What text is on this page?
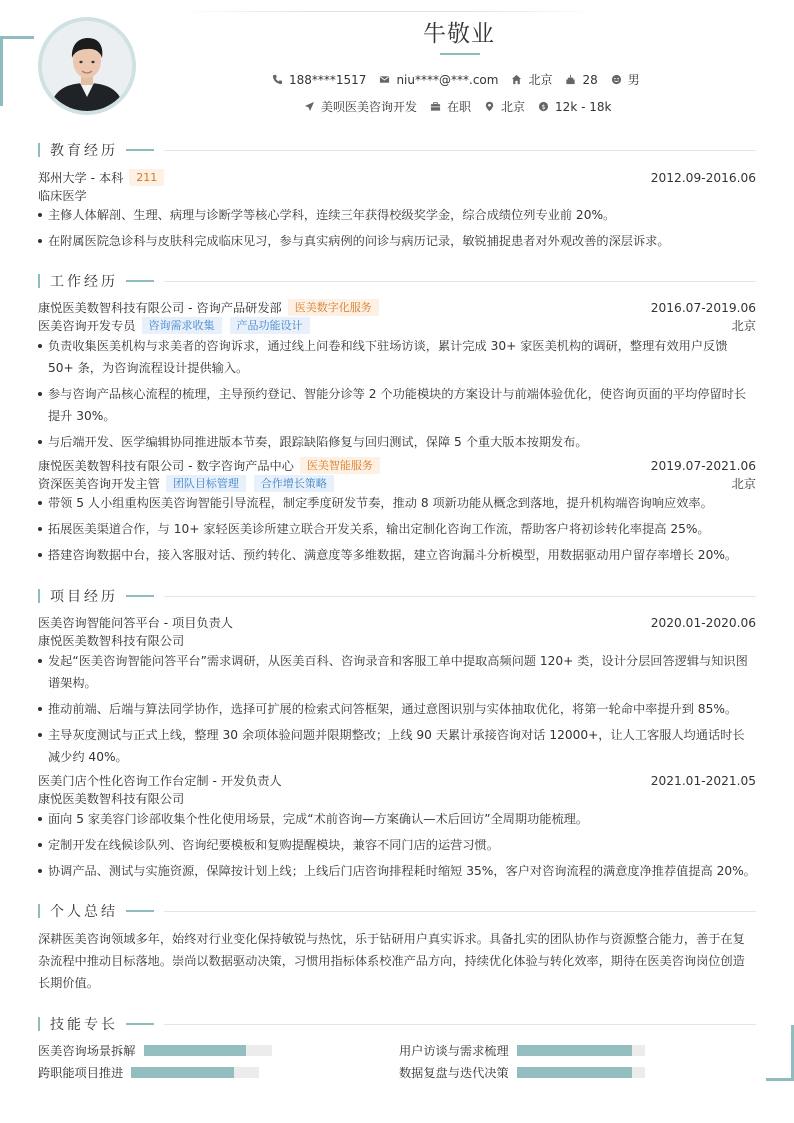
牛敬业
188****1517	niu****@***.com	北京	28	男
美呗医美咨询开发	在职	北京 $ 12k - 18k
教育经历
郑州大学 - 本科	211	2012.09-2016.06
临床医学
主修人体解剖、生理、病理与诊断学等核心学科，连续三年获得校级奖学金，综合成绩位列专业前 20%。
在附属医院急诊科与皮肤科完成临床见习，参与真实病例的问诊与病历记录，敏锐捕捉患者对外观改善的深层诉求。
工作经历
康悦医美数智科技有限公司 - 咨询产品研发部	医美数字化服务	2016.07-2019.06
医美咨询开发专员	咨询需求收集	产品功能设计	北京
负责收集医美机构与求美者的咨询诉求，通过线上问卷和线下驻场访谈，累计完成 30+ 家医美机构的调研，整理有效用户反馈 50+ 条，为咨询流程设计提供输入。
参与咨询产品核心流程的梳理，主导预约登记、智能分诊等 2 个功能模块的方案设计与前端体验优化，使咨询页面的平均停留时长提升 30%。
与后端开发、医学编辑协同推进版本节奏，跟踪缺陷修复与回归测试，保障 5 个重大版本按期发布。
康悦医美数智科技有限公司 - 数字咨询产品中心	医美智能服务	2019.07-2021.06
资深医美咨询开发主管	团队目标管理	合作增长策略	北京
带领 5 人小组重构医美咨询智能引导流程，制定季度研发节奏，推动 8 项新功能从概念到落地，提升机构端咨询响应效率。
拓展医美渠道合作，与 10+ 家轻医美诊所建立联合开发关系，输出定制化咨询工作流，帮助客户将初诊转化率提高 25%。
搭建咨询数据中台，接入客服对话、预约转化、满意度等多维数据，建立咨询漏斗分析模型，用数据驱动用户留存率增长 20%。
项目经历
医美咨询智能问答平台 - 项目负责人	2020.01-2020.06
康悦医美数智科技有限公司
发起“医美咨询智能问答平台”需求调研，从医美百科、咨询录音和客服工单中提取高频问题 120+ 类，设计分层回答逻辑与知识图谱架构。
推动前端、后端与算法同学协作，选择可扩展的检索式问答框架，通过意图识别与实体抽取优化，将第一轮命中率提升到 85%。
主导灰度测试与正式上线，整理 30 余项体验问题并限期整改；上线 90 天累计承接咨询对话 12000+，让人工客服人均通话时长减少约 40%。
医美门店个性化咨询工作台定制 - 开发负责人	2021.01-2021.05
康悦医美数智科技有限公司
面向 5 家美容门诊部收集个性化使用场景，完成“术前咨询—方案确认—术后回访”全周期功能梳理。
定制开发在线候诊队列、咨询纪要模板和复购提醒模块，兼容不同门店的运营习惯。
协调产品、测试与实施资源，保障按计划上线；上线后门店咨询排程耗时缩短 35%，客户对咨询流程的满意度净推荐值提高 20%。
个人总结
深耕医美咨询领域多年，始终对行业变化保持敏锐与热忱，乐于钻研用户真实诉求。具备扎实的团队协作与资源整合能力，善于在复杂流程中推动目标落地。崇尚以数据驱动决策，习惯用指标体系校准产品方向，持续优化体验与转化效率，期待在医美咨询岗位创造长期价值。
技能专长
医美咨询场景拆解	用户访谈与需求梳理
跨职能项目推进	数据复盘与迭代决策
